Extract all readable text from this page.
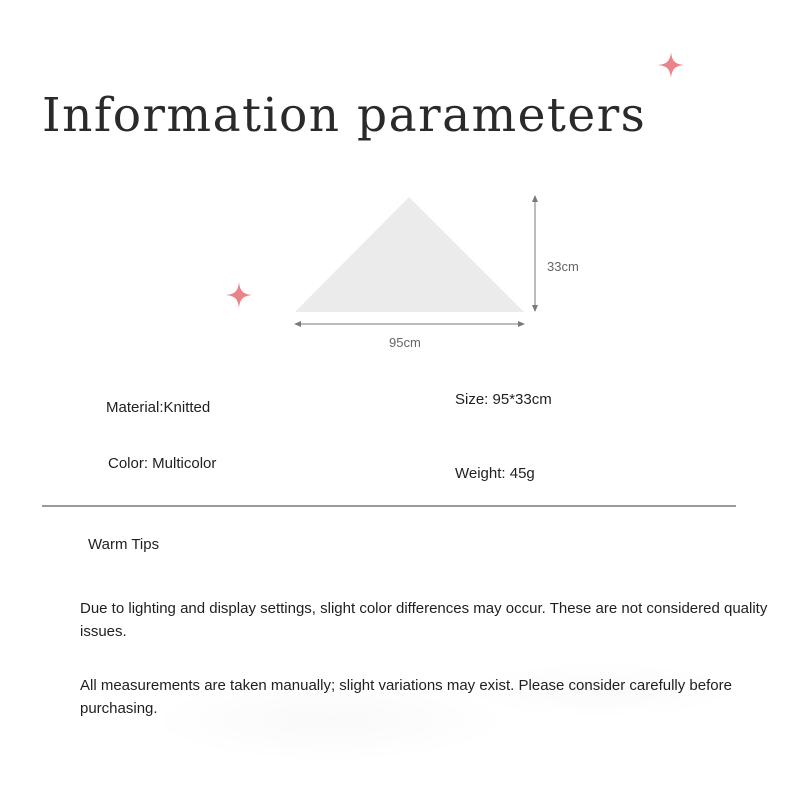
Information parameters
33cm
95cm
Material:Knitted	Size: 95*33cm
Color: Multicolor
Weight: 45g
Warm Tips

Due to lighting and display settings, slight color differences may occur. These are not considered quality issues.

All measurements are taken manually; slight variations may exist. Please consider carefully before purchasing.
